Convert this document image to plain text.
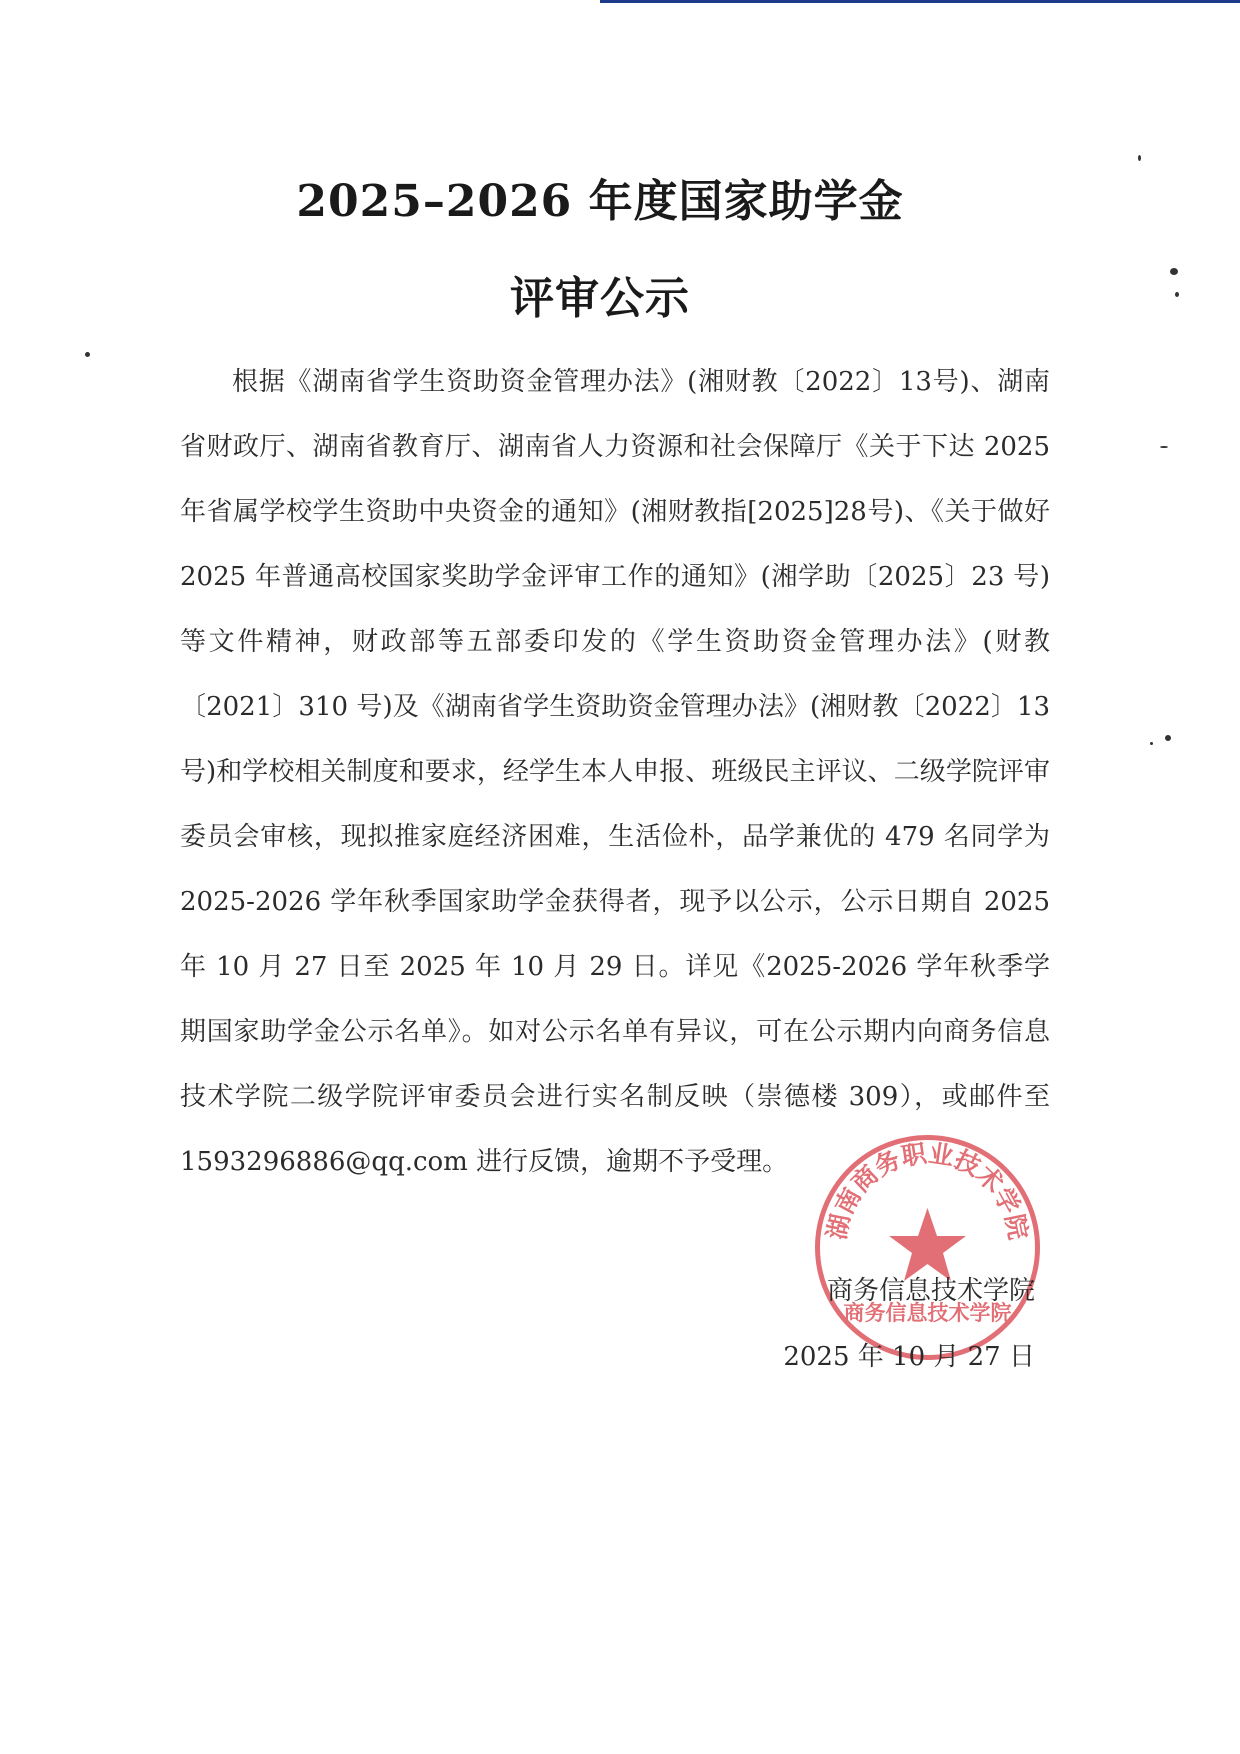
2025–2026 年度国家助学金
评审公示
根据《湖南省学生资助资金管理办法》(湘财教〔2022〕13号)、湖南省财政厅、湖南省教育厅、湖南省人力资源和社会保障厅《关于下达 2025 年省属学校学生资助中央资金的通知》(湘财教指[2025]28号)、《关于做好 2025 年普通高校国家奖助学金评审工作的通知》(湘学助〔2025〕23 号)等文件精神，财政部等五部委印发的《学生资助资金管理办法》(财教〔2021〕310 号)及《湖南省学生资助资金管理办法》(湘财教〔2022〕13 号)和学校相关制度和要求，经学生本人申报、班级民主评议、二级学院评审委员会审核，现拟推家庭经济困难，生活俭朴，品学兼优的 479 名同学为 2025-2026 学年秋季国家助学金获得者，现予以公示，公示日期自 2025 年 10 月 27 日至 2025 年 10 月 29 日。详见《2025-2026 学年秋季学期国家助学金公示名单》。如对公示名单有异议，可在公示期内向商务信息技术学院二级学院评审委员会进行实名制反映（崇德楼 309），或邮件至 1593296886@qq.com 进行反馈，逾期不予受理。
湖南商务职业技术学院
商务信息技术学院
商务信息技术学院
2025 年 10 月 27 日
